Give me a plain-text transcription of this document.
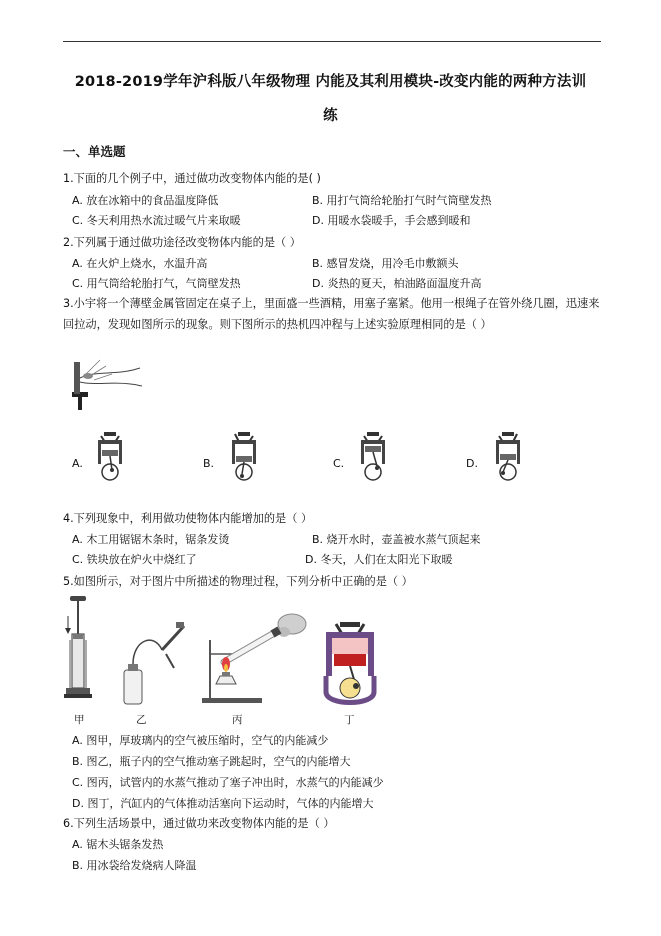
2018-2019学年沪科版八年级物理 内能及其利用模块-改变内能的两种方法训
练
一、单选题
1.下面的几个例子中，通过做功改变物体内能的是( )
A. 放在冰箱中的食品温度降低	B. 用打气筒给轮胎打气时气筒壁发热
C. 冬天利用热水流过暖气片来取暖	D. 用暖水袋暖手，手会感到暖和
2.下列属于通过做功途径改变物体内能的是（ ）
A. 在火炉上烧水，水温升高	B. 感冒发烧，用冷毛巾敷额头
C. 用气筒给轮胎打气，气筒壁发热	D. 炎热的夏天，柏油路面温度升高
3.小宇将一个薄壁金属管固定在桌子上，里面盛一些酒精，用塞子塞紧。他用一根绳子在管外绕几圈，迅速来回拉动，发现如图所示的现象。则下图所示的热机四冲程与上述实验原理相同的是（ ）
A.	B.	C.	D.
4.下列现象中，利用做功使物体内能增加的是（ ）
A. 木工用锯锯木条时，锯条发烫	B. 烧开水时，壶盖被水蒸气顶起来
C. 铁块放在炉火中烧红了	D. 冬天，人们在太阳光下取暖
5.如图所示，对于图片中所描述的物理过程，下列分析中正确的是（ ）
甲	乙	丙	丁
A. 图甲，厚玻璃内的空气被压缩时，空气的内能减少
B. 图乙，瓶子内的空气推动塞子跳起时，空气的内能增大
C. 图丙，试管内的水蒸气推动了塞子冲出时，水蒸气的内能减少
D. 图丁，汽缸内的气体推动活塞向下运动时，气体的内能增大
6.下列生活场景中，通过做功来改变物体内能的是（ ）
A. 锯木头锯条发热
B. 用冰袋给发烧病人降温
